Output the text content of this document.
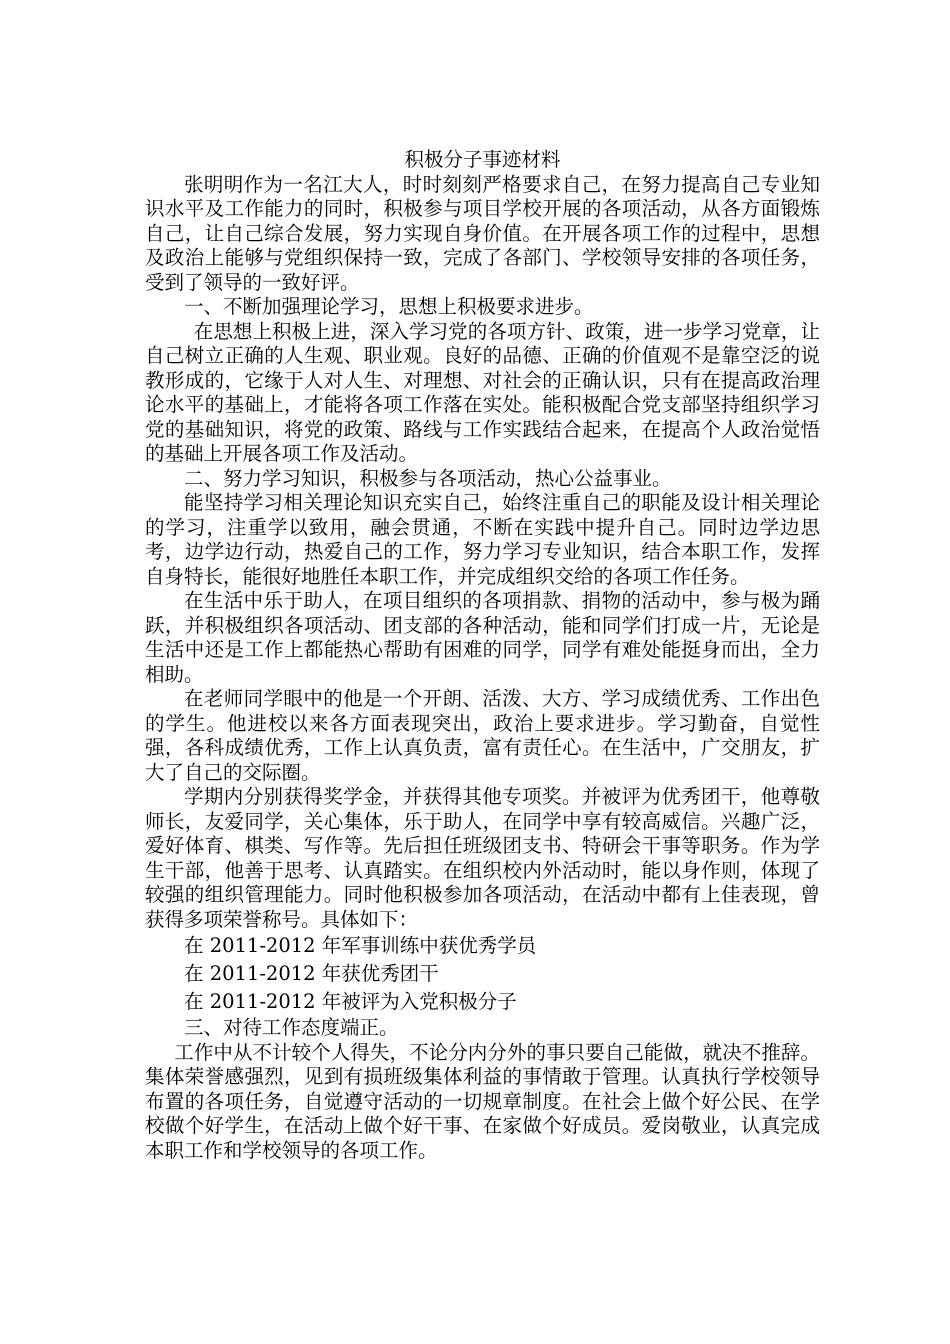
积极分子事迹材料

张明明作为一名江大人，时时刻刻严格要求自己，在努力提高自己专业知识水平及工作能力的同时，积极参与项目学校开展的各项活动，从各方面锻炼自己，让自己综合发展，努力实现自身价值。在开展各项工作的过程中，思想及政治上能够与党组织保持一致，完成了各部门、学校领导安排的各项任务，受到了领导的一致好评。

一、不断加强理论学习，思想上积极要求进步。

在思想上积极上进，深入学习党的各项方针、政策，进一步学习党章，让自己树立正确的人生观、职业观。良好的品德、正确的价值观不是靠空泛的说教形成的，它缘于人对人生、对理想、对社会的正确认识，只有在提高政治理论水平的基础上，才能将各项工作落在实处。能积极配合党支部坚持组织学习党的基础知识，将党的政策、路线与工作实践结合起来，在提高个人政治觉悟的基础上开展各项工作及活动。

二、努力学习知识，积极参与各项活动，热心公益事业。

能坚持学习相关理论知识充实自己，始终注重自己的职能及设计相关理论的学习，注重学以致用，融会贯通，不断在实践中提升自己。同时边学边思考，边学边行动，热爱自己的工作，努力学习专业知识，结合本职工作，发挥自身特长，能很好地胜任本职工作，并完成组织交给的各项工作任务。

在生活中乐于助人，在项目组织的各项捐款、捐物的活动中，参与极为踊跃，并积极组织各项活动、团支部的各种活动，能和同学们打成一片，无论是生活中还是工作上都能热心帮助有困难的同学，同学有难处能挺身而出，全力相助。

在老师同学眼中的他是一个开朗、活泼、大方、学习成绩优秀、工作出色的学生。他进校以来各方面表现突出，政治上要求进步。学习勤奋，自觉性强，各科成绩优秀，工作上认真负责，富有责任心。在生活中，广交朋友，扩大了自己的交际圈。

学期内分别获得奖学金，并获得其他专项奖。并被评为优秀团干，他尊敬师长，友爱同学，关心集体，乐于助人，在同学中享有较高威信。兴趣广泛，爱好体育、棋类、写作等。先后担任班级团支书、特研会干事等职务。作为学生干部，他善于思考、认真踏实。在组织校内外活动时，能以身作则，体现了较强的组织管理能力。同时他积极参加各项活动，在活动中都有上佳表现，曾获得多项荣誉称号。具体如下：

在 2011-2012 年军事训练中获优秀学员
在 2011-2012 年获优秀团干
在 2011-2012 年被评为入党积极分子

三、对待工作态度端正。

工作中从不计较个人得失，不论分内分外的事只要自己能做，就决不推辞。集体荣誉感强烈，见到有损班级集体利益的事情敢于管理。认真执行学校领导布置的各项任务，自觉遵守活动的一切规章制度。在社会上做个好公民、在学校做个好学生，在活动上做个好干事、在家做个好成员。爱岗敬业，认真完成本职工作和学校领导的各项工作。
